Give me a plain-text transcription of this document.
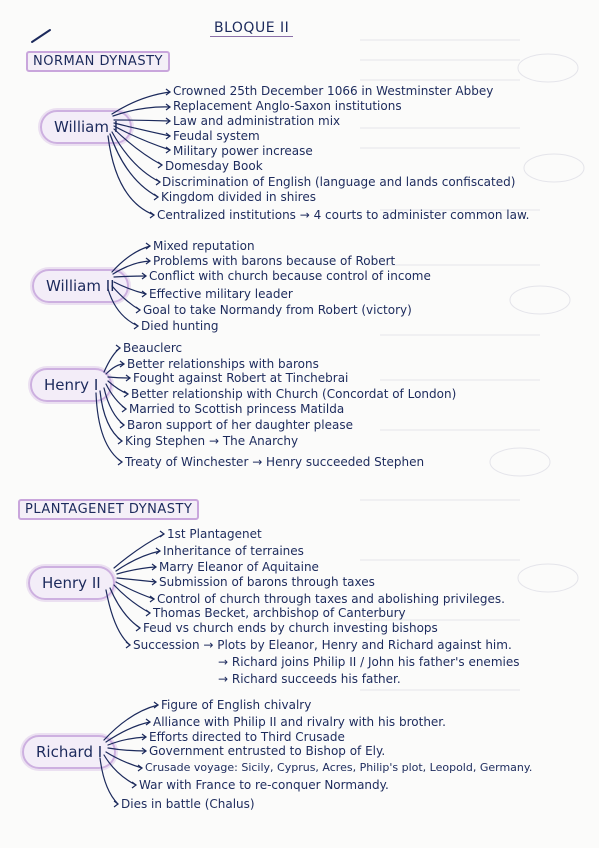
BLOQUE II
NORMAN DYNASTY
PLANTAGENET DYNASTY
William I
William II
Henry I
Henry II
Richard I
Crowned 25th December 1066 in Westminster Abbey
Replacement Anglo-Saxon institutions
Law and administration mix
Feudal system
Military power increase
Domesday Book
Discrimination of English (language and lands confiscated)
Kingdom divided in shires
Centralized institutions → 4 courts to administer common law.
Mixed reputation
Problems with barons because of Robert
Conflict with church because control of income
Effective military leader
Goal to take Normandy from Robert (victory)
Died hunting
Beauclerc
Better relationships with barons
Fought against Robert at Tinchebrai
Better relationship with Church (Concordat of London)
Married to Scottish princess Matilda
Baron support of her daughter please
King Stephen → The Anarchy
Treaty of Winchester → Henry succeeded Stephen
1st Plantagenet
Inheritance of terraines
Marry Eleanor of Aquitaine
Submission of barons through taxes
Control of church through taxes and abolishing privileges.
Thomas Becket, archbishop of Canterbury
Feud vs church ends by church investing bishops
Succession → Plots by Eleanor, Henry and Richard against him.
→ Richard joins Philip II / John his father's enemies
→ Richard succeeds his father.
Figure of English chivalry
Alliance with Philip II and rivalry with his brother.
Efforts directed to Third Crusade
Government entrusted to Bishop of Ely.
Crusade voyage: Sicily, Cyprus, Acres, Philip's plot, Leopold, Germany.
War with France to re-conquer Normandy.
Dies in battle (Chalus)
